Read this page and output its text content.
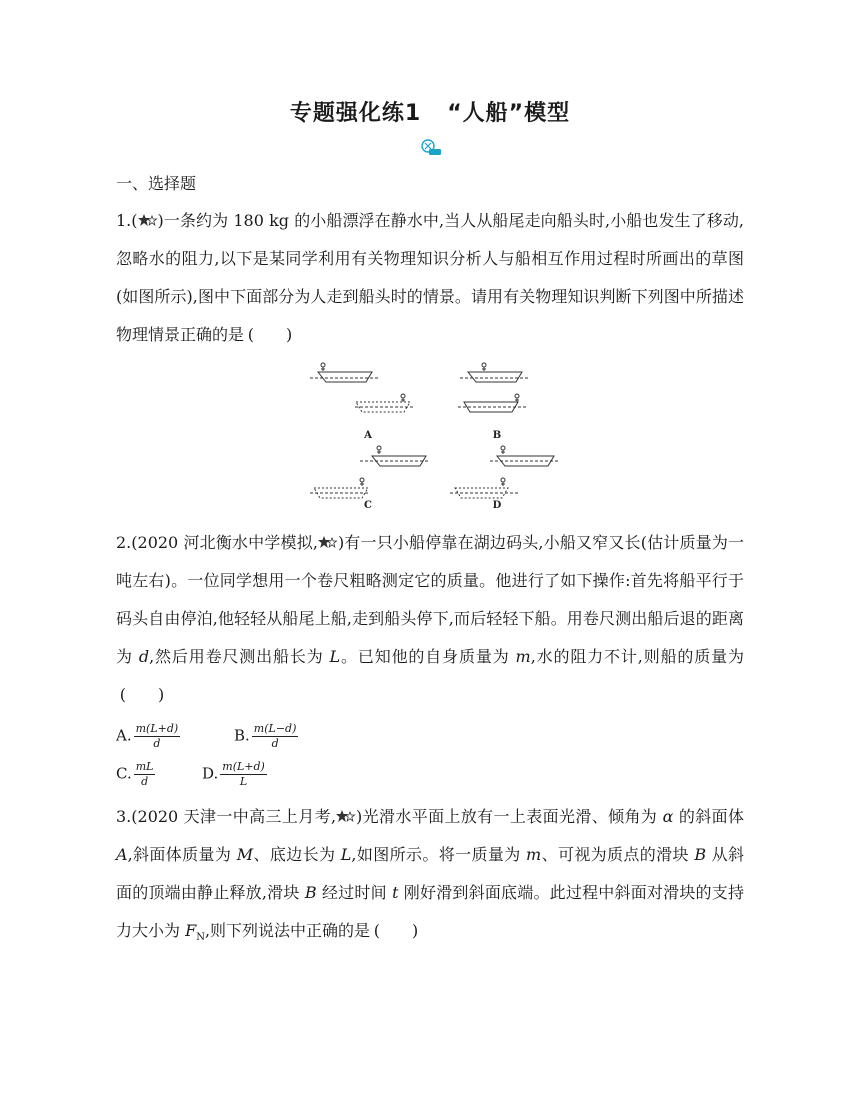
专题强化练1 “人船”模型
一、选择题
1.( )一条约为 180 kg 的小船漂浮在静水中,当人从船尾走向船头时,小船也发生了移动,忽略水的阻力,以下是某同学利用有关物理知识分析人与船相互作用过程时所画出的草图(如图所示),图中下面部分为人走到船头时的情景。请用有关物理知识判断下列图中所描述物理情景正确的是 (　　)
A	B
C	D
2.(2020 河北衡水中学模拟, )有一只小船停靠在湖边码头,小船又窄又长(估计质量为一吨左右)。一位同学想用一个卷尺粗略测定它的质量。他进行了如下操作:首先将船平行于码头自由停泊,他轻轻从船尾上船,走到船头停下,而后轻轻下船。用卷尺测出船后退的距离为 d,然后用卷尺测出船长为 L。已知他的自身质量为 m,水的阻力不计,则船的质量为(　　)
A. $\frac{m(L+d)}{d}$	B. $\frac{m(L-d)}{d}$
C. $\frac{mL}{d}$	D. $\frac{m(L+d)}{L}$
3.(2020 天津一中高三上月考, )光滑水平面上放有一上表面光滑、倾角为 α 的斜面体 A,斜面体质量为 M、底边长为 L,如图所示。将一质量为 m、可视为质点的滑块 B 从斜面的顶端由静止释放,滑块 B 经过时间 t 刚好滑到斜面底端。此过程中斜面对滑块的支持力大小为 $F_N$,则下列说法中正确的是 (　　)
